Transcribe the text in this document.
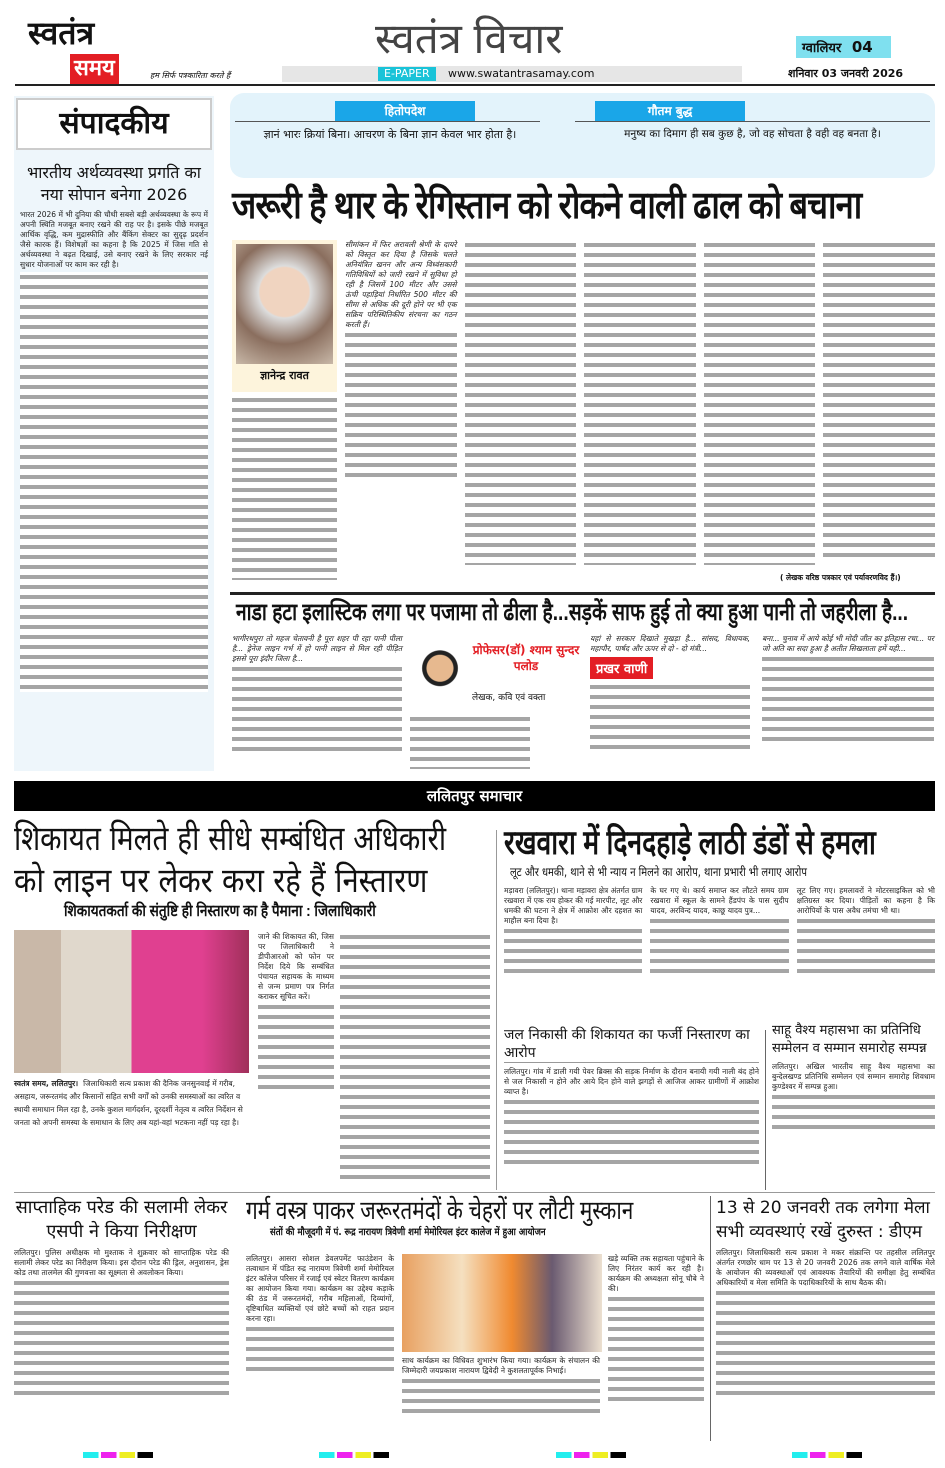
स्वतंत्र
समय	हम सिर्फ पत्रकारिता करते हैं
स्वतंत्र विचार
E-PAPER	www.swatantrasamay.com
ग्वालियर 04
शनिवार 03 जनवरी 2026
संपादकीय
भारतीय अर्थव्यवस्था प्रगति का नया सोपान बनेगा 2026
भारत 2026 में भी दुनिया की चौथी सबसे बड़ी अर्थव्यवस्था के रूप में अपनी स्थिति मजबूत बनाए रखने की राह पर है। इसके पीछे मजबूत आर्थिक वृद्धि, कम मुद्रास्फीति और बैंकिंग सेक्टर का सुदृढ़ प्रदर्शन जैसे कारक हैं। विशेषज्ञों का कहना है कि 2025 में जिस गति से अर्थव्यवस्था ने बढ़त दिखाई, उसे बनाए रखने के लिए सरकार नई सुधार योजनाओं पर काम कर रही है।
हितोपदेश
ज्ञानं भारः क्रियां बिना। आचरण के बिना ज्ञान केवल भार होता है।
गौतम बुद्ध
मनुष्य का दिमाग ही सब कुछ है, जो वह सोचता है वही वह बनता है।
जरूरी है थार के रेगिस्तान को रोकने वाली ढाल को बचाना
ज्ञानेन्द्र रावत
सीमांकन में फिर अरावली श्रेणी के दायरे को विस्तृत कर दिया है जिसके चलते अनियंत्रित खनन और अन्य विध्वंसकारी गतिविधियों को जारी रखने में सुविधा हो रही है जिसमें 100 मीटर और उससे ऊंची पहाड़ियां निर्धारित 500 मीटर की सीमा से अधिक की दूरी होने पर भी एक सक्रिय परिस्थितिकीय संरचना का गठन करती हैं।
( लेखक वरिष्ठ पत्रकार एवं पर्यावरणविद हैं।)
नाडा हटा इलास्टिक लगा पर पजामा तो ढीला है...सड़कें साफ हुई तो क्या हुआ पानी तो जहरीला है...
भागीरथपुरा तो महज चेतावनी है पूरा शहर पी रहा पानी पीला है... ड्रेनेज लाइन गर्भ में हो पानी लाइन से मिल रही पीड़ित इससे पूरा इंदौर जिला है...
प्रोफेसर(डॉ) श्याम सुन्दर पलोड
लेखक, कवि एवं वक्ता
यहां से सरकार दिखाते मुखड़ा है... सांसद, विधायक, महापौर, पार्षद और ऊपर से दो - दो मंत्री...
प्रखर वाणी
बना... चुनाव में आये कोई भी मोदी जीत का इतिहास रचा... पर जो अति का सदा हुआ है अतीत सिखलाता हमें यही...
ललितपुर समाचार
शिकायत मिलते ही सीधे सम्बंधित अधिकारी
को लाइन पर लेकर करा रहे हैं निस्तारण
शिकायतकर्ता की संतुष्टि ही निस्तारण का है पैमाना : जिलाधिकारी
स्वतंत्र समय, ललितपुर। जिलाधिकारी सत्य प्रकाश की दैनिक जनसुनवाई में गरीब, असहाय, जरूरतमंद और किसानों सहित सभी वर्गों को उनकी समस्याओं का त्वरित व स्थायी समाधान मिल रहा है, उनके कुशल मार्गदर्शन, दूरदर्शी नेतृत्व व त्वरित निर्देशन से जनता को अपनी समस्या के समाधान के लिए अब यहां-वहां भटकना नहीं पड़ रहा है।
जाने की शिकायत की, जिस पर जिलाधिकारी ने डीपीआरओ को फोन पर निर्देश दिये कि सम्बंधित पंचायत सहायक के माध्यम से जन्म प्रमाण पत्र निर्गत कराकर सूचित करें।
रखवारा में दिनदहाड़े लाठी डंडों से हमला
लूट और धमकी, थाने से भी न्याय न मिलने का आरोप, थाना प्रभारी भी लगाए आरोप
मड़ावरा (ललितपुर)। थाना मड़ावरा क्षेत्र अंतर्गत ग्राम रखवारा में एक राय होकर की गई मारपीट, लूट और धमकी की घटना ने क्षेत्र में आक्रोश और दहशत का माहौल बना दिया है।
के घर गए थे। कार्य समाप्त कर लौटते समय ग्राम रखवारा में स्कूल के सामने हैंडपंप के पास सुदीप यादव, अरविन्द यादव, काछू यादव पुत्र...
लूट लिए गए। हमलावरों ने मोटरसाइकिल को भी क्षतिग्रस्त कर दिया। पीड़ितों का कहना है कि आरोपियों के पास अवैध तमंचा भी था।
जल निकासी की शिकायत का फर्जी निस्तारण का आरोप
ललितपुर। गांव में डाली गयी पेवर ब्रिक्स की सड़क निर्माण के दौरान बनायी गयी नाली बंद होने से जल निकासी न होने और आये दिन होने वाले झगड़ों से आजिज आकर ग्रामीणों में आक्रोश व्याप्त है।
साहू वैश्य महासभा का प्रतिनिधि सम्मेलन व सम्मान समारोह सम्पन्न
ललितपुर। अखिल भारतीय साहू वैश्य महासभा का बुन्देलखण्ड प्रतिनिधि सम्मेलन एवं सम्मान समारोह शिवधाम कुण्डेश्वर में सम्पन्न हुआ।
साप्ताहिक परेड की सलामी लेकर एसपी ने किया निरीक्षण
ललितपुर। पुलिस अधीक्षक मो मुश्ताक ने शुक्रवार को साप्ताहिक परेड की सलामी लेकर परेड का निरीक्षण किया। इस दौरान परेड की ड्रिल, अनुशासन, ड्रेस कोड तथा तालमेल की गुणवत्ता का सूक्ष्मता से अवलोकन किया।
गर्म वस्त्र पाकर जरूरतमंदों के चेहरों पर लौटी मुस्कान
संतों की मौजूदगी में पं. रूद्र नारायण त्रिवेणी शर्मा मेमोरियल इंटर कालेज में हुआ आयोजन
ललितपुर। आसरा सोशल डेवलपमेंट फाउंडेशन के तत्वाधान में पंडित रुद्र नारायण त्रिवेणी शर्मा मेमोरियल इंटर कॉलेज परिसर में रजाई एवं स्वेटर वितरण कार्यक्रम का आयोजन किया गया। कार्यक्रम का उद्देश्य कड़ाके की ठंड में जरूरतमंदों, गरीब महिलाओं, दिव्यांगों, दृष्टिबाधित व्यक्तियों एवं छोटे बच्चों को राहत प्रदान करना रहा।
साथ कार्यक्रम का विधिवत शुभारंभ किया गया। कार्यक्रम के संचालन की जिम्मेदारी जयप्रकाश नारायण द्विवेदी ने कुशलतापूर्वक निभाई।
खड़े व्यक्ति तक सहायता पहुंचाने के लिए निरंतर कार्य कर रही है। कार्यक्रम की अध्यक्षता सोनू चौबे ने की।
13 से 20 जनवरी तक लगेगा मेला सभी व्यवस्थाएं रखें दुरुस्त : डीएम
ललितपुर। जिलाधिकारी सत्य प्रकाश ने मकर संक्रान्ति पर तहसील ललितपुर अंतर्गत रणछोर धाम पर 13 से 20 जनवरी 2026 तक लगने वाले वार्षिक मेले के आयोजन की व्यवस्थाओं एवं आवश्यक तैयारियों की समीक्षा हेतु सम्बंधित अधिकारियों व मेला समिति के पदाधिकारियों के साथ बैठक की।
